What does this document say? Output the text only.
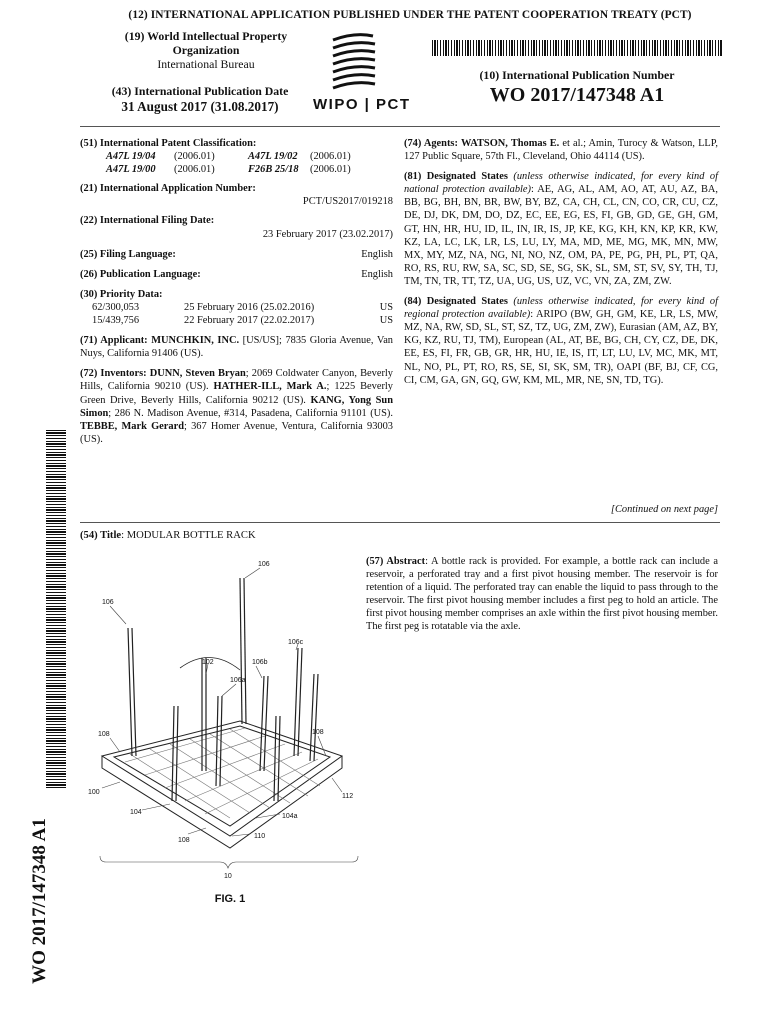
(12) INTERNATIONAL APPLICATION PUBLISHED UNDER THE PATENT COOPERATION TREATY (PCT)
(19) World Intellectual Property
Organization
International Bureau
(43) International Publication Date
31 August 2017 (31.08.2017)	WIPO | PCT
(10) International Publication Number
WO 2017/147348 A1
(51) International Patent Classification:
A47L 19/04	(2006.01)	A47L 19/02	(2006.01)
A47L 19/00	(2006.01)	F26B 25/18	(2006.01)
(21) International Application Number:
PCT/US2017/019218
(22) International Filing Date:
23 February 2017 (23.02.2017)
(25) Filing Language:	English
(26) Publication Language:	English
(30) Priority Data:
62/300,053	25 February 2016 (25.02.2016)	US
15/439,756	22 February 2017 (22.02.2017)	US
(71) Applicant: MUNCHKIN, INC. [US/US]; 7835 Gloria Avenue, Van Nuys, California 91406 (US).
(72) Inventors: DUNN, Steven Bryan; 2069 Coldwater Canyon, Beverly Hills, California 90210 (US). HATHER-ILL, Mark A.; 1225 Beverly Green Drive, Beverly Hills, California 90212 (US). KANG, Yong Sun Simon; 286 N. Madison Avenue, #314, Pasadena, California 91101 (US). TEBBE, Mark Gerard; 367 Homer Avenue, Ventura, California 93003 (US).
(74) Agents: WATSON, Thomas E. et al.; Amin, Turocy & Watson, LLP, 127 Public Square, 57th Fl., Cleveland, Ohio 44114 (US).
(81) Designated States (unless otherwise indicated, for every kind of national protection available): AE, AG, AL, AM, AO, AT, AU, AZ, BA, BB, BG, BH, BN, BR, BW, BY, BZ, CA, CH, CL, CN, CO, CR, CU, CZ, DE, DJ, DK, DM, DO, DZ, EC, EE, EG, ES, FI, GB, GD, GE, GH, GM, GT, HN, HR, HU, ID, IL, IN, IR, IS, JP, KE, KG, KH, KN, KP, KR, KW, KZ, LA, LC, LK, LR, LS, LU, LY, MA, MD, ME, MG, MK, MN, MW, MX, MY, MZ, NA, NG, NI, NO, NZ, OM, PA, PE, PG, PH, PL, PT, QA, RO, RS, RU, RW, SA, SC, SD, SE, SG, SK, SL, SM, ST, SV, SY, TH, TJ, TM, TN, TR, TT, TZ, UA, UG, US, UZ, VC, VN, ZA, ZM, ZW.
(84) Designated States (unless otherwise indicated, for every kind of regional protection available): ARIPO (BW, GH, GM, KE, LR, LS, MW, MZ, NA, RW, SD, SL, ST, SZ, TZ, UG, ZM, ZW), Eurasian (AM, AZ, BY, KG, KZ, RU, TJ, TM), European (AL, AT, BE, BG, CH, CY, CZ, DE, DK, EE, ES, FI, FR, GB, GR, HR, HU, IE, IS, IT, LT, LU, LV, MC, MK, MT, NL, NO, PL, PT, RO, RS, SE, SI, SK, SM, TR), OAPI (BF, BJ, CF, CG, CI, CM, GA, GN, GQ, GW, KM, ML, MR, NE, SN, TD, TG).
[Continued on next page]
(54) Title: MODULAR BOTTLE RACK
(57) Abstract: A bottle rack is provided. For example, a bottle rack can include a reservoir, a perforated tray and a first pivot housing member. The reservoir is for retention of a liquid. The perforated tray can enable the liquid to pass through to the reservoir. The first pivot housing member includes a first peg to hold an article. The first pivot housing member comprises an axle within the first pivot housing member. The first peg is rotatable via the axle.
WO 2017/147348 A1
106
106
106c
102	106b
106a
108	108
100
112
104
104a
108
110
10
FIG. 1
